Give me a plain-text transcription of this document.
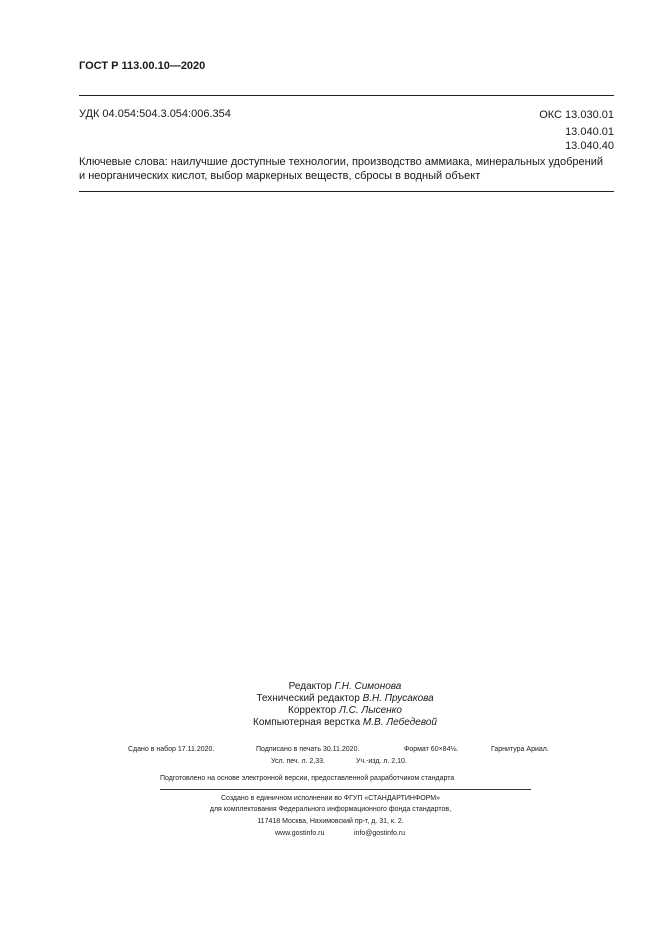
ГОСТ Р 113.00.10—2020
УДК 04.054:504.3.054:006.354	ОКС 13.030.01
13.040.01
13.040.40
Ключевые слова: наилучшие доступные технологии, производство аммиака, минеральных удобрений
и неорганических кислот, выбор маркерных веществ, сбросы в водный объект
Редактор Г.Н. Симонова
Технический редактор В.Н. Прусакова
Корректор Л.С. Лысенко
Компьютерная верстка М.В. Лебедевой
Сдано в набор 17.11.2020.	Подписано в печать 30.11.2020.	Формат 60×84⅛.	Гарнитура Ариал.
Усл. печ. л. 2,33.	Уч.-изд. л. 2,10.
Подготовлено на основе электронной версии, предоставленной разработчиком стандарта
Создано в единичном исполнении во ФГУП «СТАНДАРТИНФОРМ»
для комплектования Федерального информационного фонда стандартов,
117418 Москва, Нахимовский пр-т, д. 31, к. 2.
www.gostinfo.ru	info@gostinfo.ru
